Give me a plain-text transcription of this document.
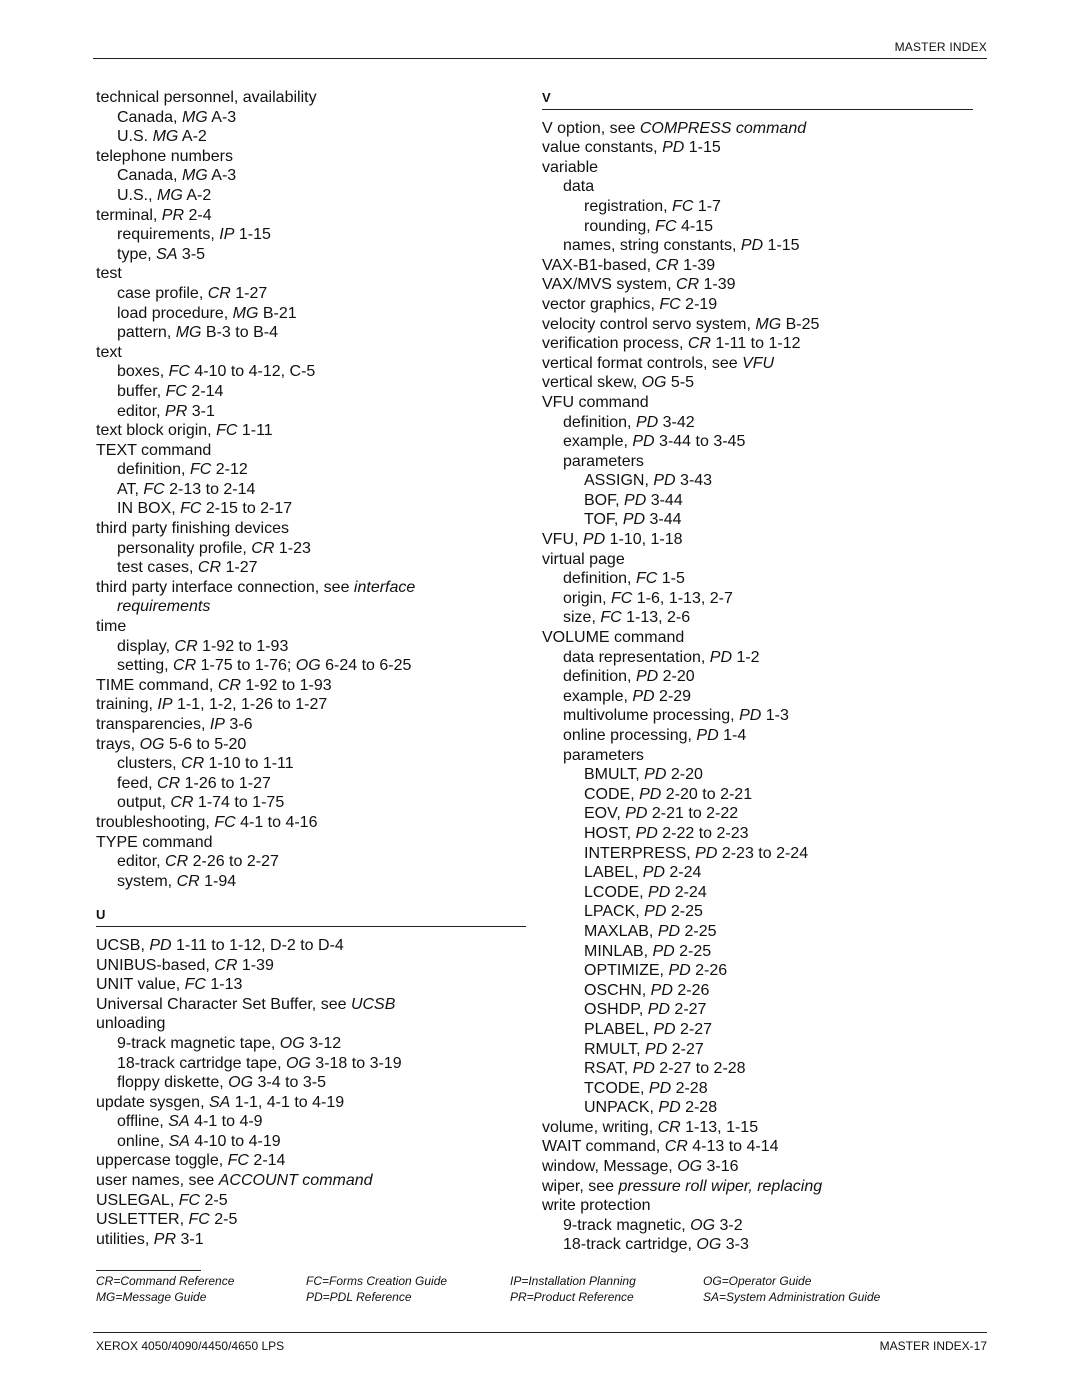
MASTER INDEX
technical personnel, availability
Canada, MG A-3
U.S. MG A-2
telephone numbers
Canada, MG A-3
U.S., MG A-2
terminal, PR 2-4
requirements, IP 1-15
type, SA 3-5
test
case profile, CR 1-27
load procedure, MG B-21
pattern, MG B-3 to B-4
text
boxes, FC 4-10 to 4-12, C-5
buffer, FC 2-14
editor, PR 3-1
text block origin, FC 1-11
TEXT command
definition, FC 2-12
AT, FC 2-13 to 2-14
IN BOX, FC 2-15 to 2-17
third party finishing devices
personality profile, CR 1-23
test cases, CR 1-27
third party interface connection, see interface
requirements
time
display, CR 1-92 to 1-93
setting, CR 1-75 to 1-76; OG 6-24 to 6-25
TIME command, CR 1-92 to 1-93
training, IP 1-1, 1-2, 1-26 to 1-27
transparencies, IP 3-6
trays, OG 5-6 to 5-20
clusters, CR 1-10 to 1-11
feed, CR 1-26 to 1-27
output, CR 1-74 to 1-75
troubleshooting, FC 4-1 to 4-16
TYPE command
editor, CR 2-26 to 2-27
system, CR 1-94
U
UCSB, PD 1-11 to 1-12, D-2 to D-4
UNIBUS-based, CR 1-39
UNIT value, FC 1-13
Universal Character Set Buffer, see UCSB
unloading
9-track magnetic tape, OG 3-12
18-track cartridge tape, OG 3-18 to 3-19
floppy diskette, OG 3-4 to 3-5
update sysgen, SA 1-1, 4-1 to 4-19
offline, SA 4-1 to 4-9
online, SA 4-10 to 4-19
uppercase toggle, FC 2-14
user names, see ACCOUNT command
USLEGAL, FC 2-5
USLETTER, FC 2-5
utilities, PR 3-1
V
V option, see COMPRESS command
value constants, PD 1-15
variable
data
registration, FC 1-7
rounding, FC 4-15
names, string constants, PD 1-15
VAX-B1-based, CR 1-39
VAX/MVS system, CR 1-39
vector graphics, FC 2-19
velocity control servo system, MG B-25
verification process, CR 1-11 to 1-12
vertical format controls, see VFU
vertical skew, OG 5-5
VFU command
definition, PD 3-42
example, PD 3-44 to 3-45
parameters
ASSIGN, PD 3-43
BOF, PD 3-44
TOF, PD 3-44
VFU, PD 1-10, 1-18
virtual page
definition, FC 1-5
origin, FC 1-6, 1-13, 2-7
size, FC 1-13, 2-6
VOLUME command
data representation, PD 1-2
definition, PD 2-20
example, PD 2-29
multivolume processing, PD 1-3
online processing, PD 1-4
parameters
BMULT, PD 2-20
CODE, PD 2-20 to 2-21
EOV, PD 2-21 to 2-22
HOST, PD 2-22 to 2-23
INTERPRESS, PD 2-23 to 2-24
LABEL, PD 2-24
LCODE, PD 2-24
LPACK, PD 2-25
MAXLAB, PD 2-25
MINLAB, PD 2-25
OPTIMIZE, PD 2-26
OSCHN, PD 2-26
OSHDP, PD 2-27
PLABEL, PD 2-27
RMULT, PD 2-27
RSAT, PD 2-27 to 2-28
TCODE, PD 2-28
UNPACK, PD 2-28
volume, writing, CR 1-13, 1-15
WAIT command, CR 4-13 to 4-14
window, Message, OG 3-16
wiper, see pressure roll wiper, replacing
write protection
9-track magnetic, OG 3-2
18-track cartridge, OG 3-3
CR=Command Reference	FC=Forms Creation Guide	IP=Installation Planning	OG=Operator Guide
MG=Message Guide	PD=PDL Reference	PR=Product Reference	SA=System Administration Guide
XEROX 4050/4090/4450/4650 LPS	MASTER INDEX-17
